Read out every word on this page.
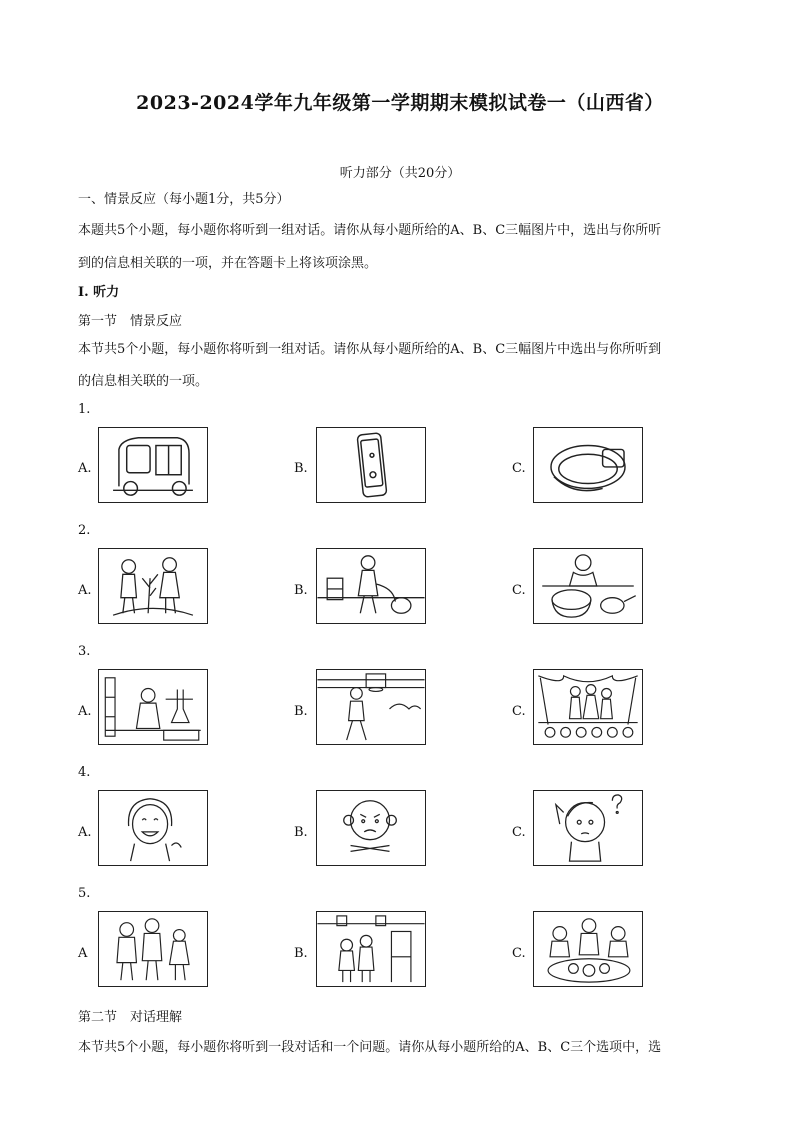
2023-2024学年九年级第一学期期末模拟试卷一（山西省）
听力部分（共20分）
一、情景反应（每小题1分，共5分）
本题共5个小题，每小题你将听到一组对话。请你从每小题所给的A、B、C三幅图片中，选出与你所听
到的信息相关联的一项，并在答题卡上将该项涂黑。
I. 听力
第一节　情景反应
本节共5个小题，每小题你将听到一组对话。请你从每小题所给的A、B、C三幅图片中选出与你所听到
的信息相关联的一项。
1.
A.	B.	C.
2.
A.	B.	C.
3.
A.	B.	C.
4.
A.	B.	C.
5.
A	B.	C.
第二节　对话理解
本节共5个小题，每小题你将听到一段对话和一个问题。请你从每小题所给的A、B、C三个选项中，选
